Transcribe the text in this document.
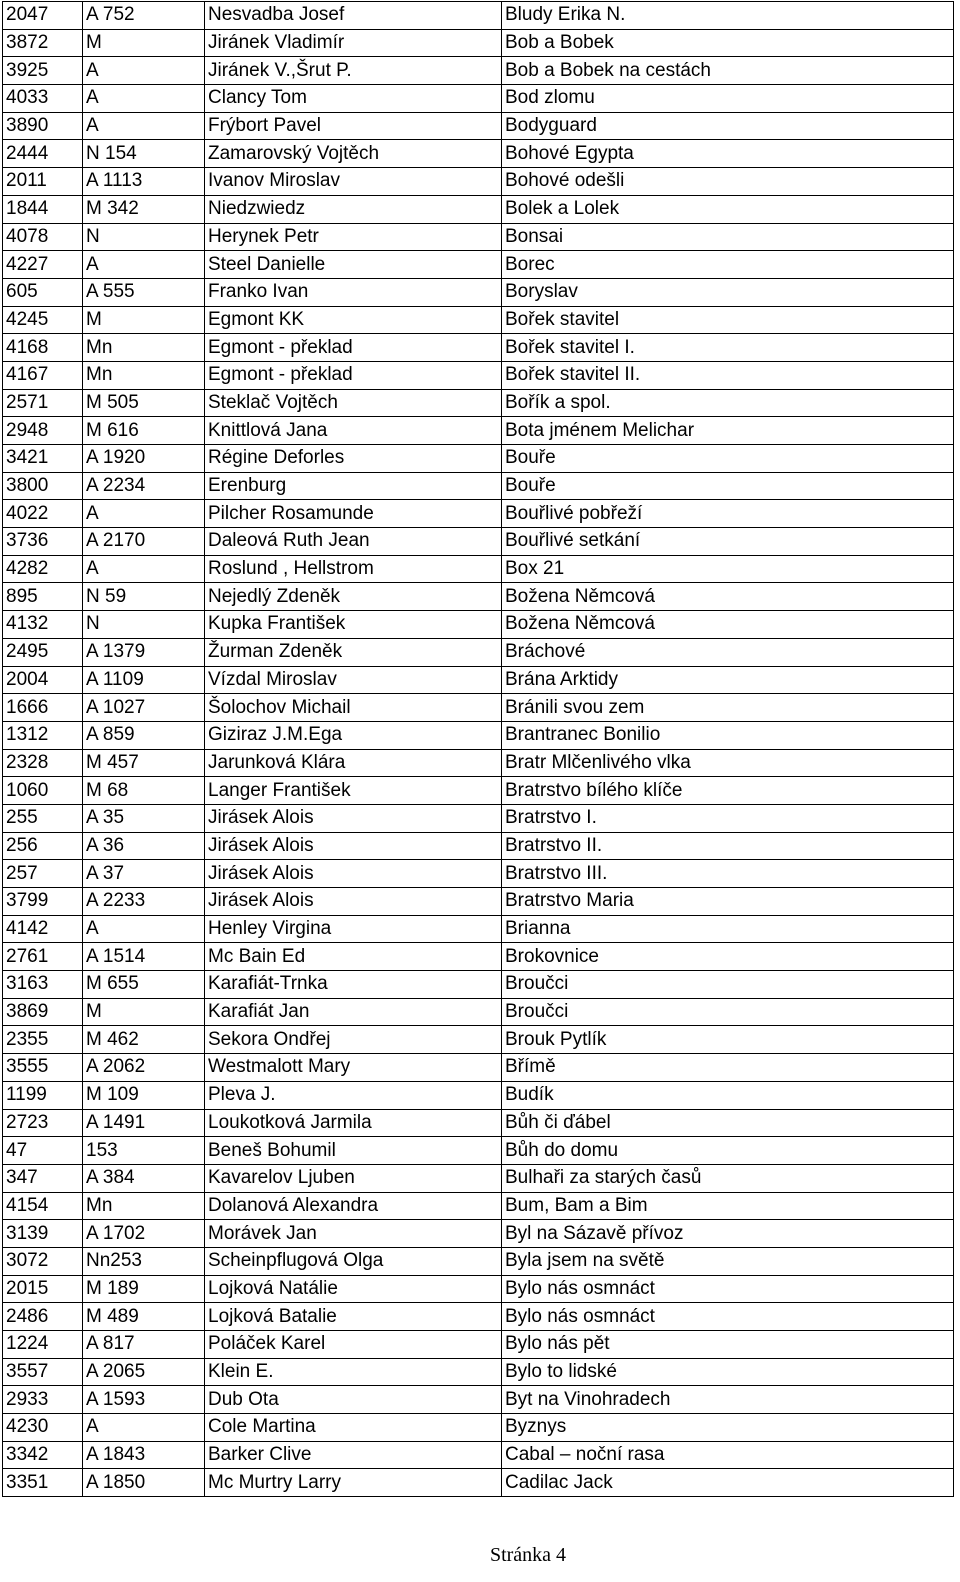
2047	A 752	Nesvadba Josef	Bludy Erika N.
3872	M	Jiránek Vladimír	Bob a Bobek
3925	A	Jiránek V.,Šrut P.	Bob a Bobek na cestách
4033	A	Clancy Tom	Bod zlomu
3890	A	Frýbort Pavel	Bodyguard
2444	N 154	Zamarovský Vojtěch	Bohové Egypta
2011	A 1113	Ivanov Miroslav	Bohové odešli
1844	M 342	Niedzwiedz	Bolek a Lolek
4078	N	Herynek Petr	Bonsai
4227	A	Steel Danielle	Borec
605	A 555	Franko Ivan	Boryslav
4245	M	Egmont KK	Bořek stavitel
4168	Mn	Egmont - překlad	Bořek stavitel I.
4167	Mn	Egmont - překlad	Bořek stavitel II.
2571	M 505	Steklač Vojtěch	Bořík a spol.
2948	M 616	Knittlová Jana	Bota jménem Melichar
3421	A 1920	Régine Deforles	Bouře
3800	A 2234	Erenburg	Bouře
4022	A	Pilcher Rosamunde	Bouřlivé pobřeží
3736	A 2170	Daleová Ruth Jean	Bouřlivé setkání
4282	A	Roslund , Hellstrom	Box 21
895	N 59	Nejedlý Zdeněk	Božena Němcová
4132	N	Kupka František	Božena Němcová
2495	A 1379	Žurman Zdeněk	Bráchové
2004	A 1109	Vízdal Miroslav	Brána Arktidy
1666	A 1027	Šolochov Michail	Bránili svou zem
1312	A 859	Giziraz J.M.Ega	Brantranec Bonilio
2328	M 457	Jarunková Klára	Bratr Mlčenlivého vlka
1060	M 68	Langer František	Bratrstvo bílého klíče
255	A 35	Jirásek Alois	Bratrstvo I.
256	A 36	Jirásek Alois	Bratrstvo II.
257	A 37	Jirásek Alois	Bratrstvo III.
3799	A 2233	Jirásek Alois	Bratrstvo Maria
4142	A	Henley Virgina	Brianna
2761	A 1514	Mc Bain Ed	Brokovnice
3163	M 655	Karafiát-Trnka	Broučci
3869	M	Karafiát Jan	Broučci
2355	M 462	Sekora Ondřej	Brouk Pytlík
3555	A 2062	Westmalott Mary	Břímě
1199	M 109	Pleva J.	Budík
2723	A 1491	Loukotková Jarmila	Bůh či ďábel
47	153	Beneš Bohumil	Bůh do domu
347	A 384	Kavarelov Ljuben	Bulhaři za starých časů
4154	Mn	Dolanová Alexandra	Bum, Bam a Bim
3139	A 1702	Morávek Jan	Byl na Sázavě přívoz
3072	Nn253	Scheinpflugová Olga	Byla jsem na světě
2015	M 189	Lojková Natálie	Bylo nás osmnáct
2486	M 489	Lojková Batalie	Bylo nás osmnáct
1224	A 817	Poláček Karel	Bylo nás pět
3557	A 2065	Klein E.	Bylo to lidské
2933	A 1593	Dub Ota	Byt na Vinohradech
4230	A	Cole Martina	Byznys
3342	A 1843	Barker Clive	Cabal – noční rasa
3351	A 1850	Mc Murtry Larry	Cadilac Jack
Stránka 4
